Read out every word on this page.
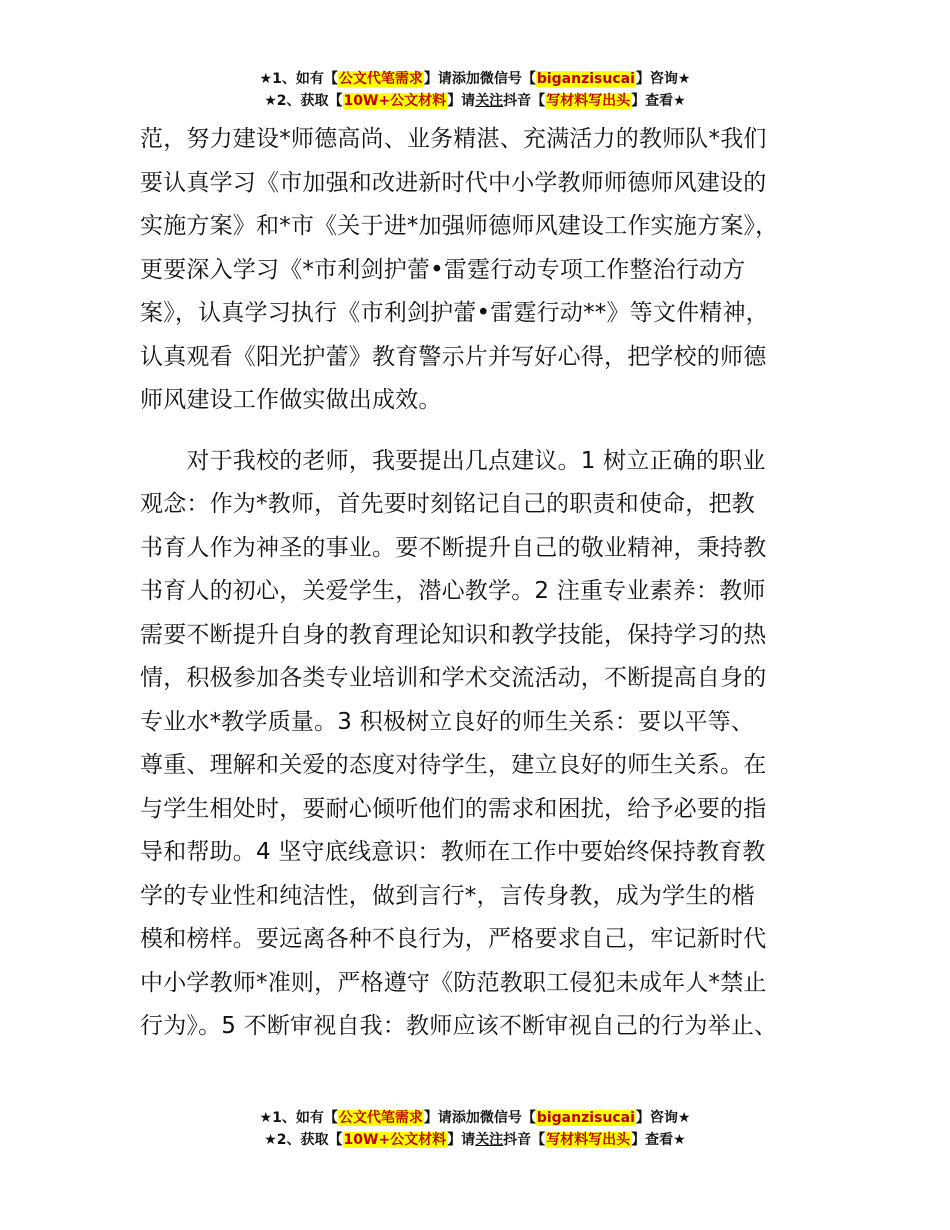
★1、如有【公文代笔需求】请添加微信号【biganzisucai】咨询★
★2、获取【10W+公文材料】请关注抖音【写材料写出头】查看★
范，努力建设*师德高尚、业务精湛、充满活力的教师队*我们
要认真学习《市加强和改进新时代中小学教师师德师风建设的
实施方案》和*市《关于进*加强师德师风建设工作实施方案》，
更要深入学习《*市利剑护蕾•雷霆行动专项工作整治行动方
案》，认真学习执行《市利剑护蕾•雷霆行动**》等文件精神，
认真观看《阳光护蕾》教育警示片并写好心得，把学校的师德
师风建设工作做实做出成效。
　　对于我校的老师，我要提出几点建议。1 树立正确的职业
观念：作为*教师，首先要时刻铭记自己的职责和使命，把教
书育人作为神圣的事业。要不断提升自己的敬业精神，秉持教
书育人的初心，关爱学生，潜心教学。2 注重专业素养：教师
需要不断提升自身的教育理论知识和教学技能，保持学习的热
情，积极参加各类专业培训和学术交流活动，不断提高自身的
专业水*教学质量。3 积极树立良好的师生关系：要以平等、
尊重、理解和关爱的态度对待学生，建立良好的师生关系。在
与学生相处时，要耐心倾听他们的需求和困扰，给予必要的指
导和帮助。4 坚守底线意识：教师在工作中要始终保持教育教
学的专业性和纯洁性，做到言行*，言传身教，成为学生的楷
模和榜样。要远离各种不良行为，严格要求自己，牢记新时代
中小学教师*准则，严格遵守《防范教职工侵犯未成年人*禁止
行为》。5 不断审视自我：教师应该不断审视自己的行为举止、
★1、如有【公文代笔需求】请添加微信号【biganzisucai】咨询★
★2、获取【10W+公文材料】请关注抖音【写材料写出头】查看★
